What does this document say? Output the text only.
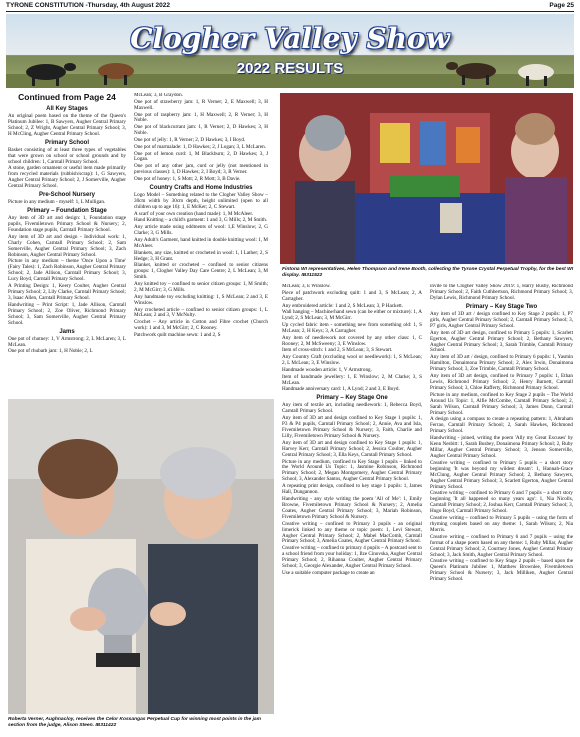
TYRONE CONSTITUTION -Thursday, 4th August 2022	Page 25
Clogher Valley Show
2022 RESULTS
Continued from Page 24
All Key Stages

An original poem based on the theme of the Queen's Platinum Jubilee: 1, B Sawyers, Augher Central Primary School; 2, Z Wright, Augher Central Primary School; 3, H McCling, Augher Central Primary School.

Primary School

Basket consisting of at least three types of vegetables that were grown on school or school grounds and by school children: 1, Carntall Primary School.

A stone, garden ornament or useful item made primarily from recycled materials (rubbish/scrap): 1, G Sawyers, Augher Central Primary School; 2, J Somerville, Augher Central Primary School.

Pre-School Nursery

Picture in any medium - myself: 1, L Mulligan.

Primary – Foundation Stage

Any item of 3D art and design: 1, Foundation stage pupils, Fivemiletown Primary School & Nursery; 2, Foundation stage pupils, Carntall Primary School.

Any item of 3D art and design - Individual work: 1, Charly Cohen, Carntall Primary School; 2, Sam Somerville, Augher Central Primary School; 3, Zach Robinson, Augher Central Primary School.

Picture in any medium – theme 'Once Upon a Time' (Fairy Tales): 1, Zach Robinson, Augher Central Primary School; 2, Jade Allison, Carntall Primary School; 3, Lucy Boyd, Carntall Primary School.

A Printing Design: 1, Keery Coulter, Augher Central Primary School; 2, Lily Clarke, Carntall Primary School; 3, Isaac Allen, Carntall Primary School.

Handwriting – Print Script: 1, Jade Allison, Carntall Primary School; 2, Zoe Oliver, Richmond Primary School; 3, Sam Somerville, Augher Central Primary School.

Jams

One pot of chutney: 1, V Armstrong; 2, L McLaren; 3, L McLean.

One pot of rhubarb jam: 1, H Noble; 2, L

McLean; 3, B Graydon.

One pot of strawberry jam: 1, R Verner; 2, E Maxwell; 3, H Maxwell.

One pot of raspberry jam: 1, H Maxwell; 2, R Verner; 3, H Noble.

One pot of blackcurrant jam: 1, R Verner; 2, D Hawkes; 3, H Noble.

One pot of jelly: 1, R Verner; 2, D Hawkes; 3, I Boyd.

One pot of marmalade: 1, D Hawkes; 2, J Logan; 3, L McLaren.

One pot of lemon curd: 1, M Blackburn; 2, D Hawkes; 3, J Logan.

One pot of any other jam, curd or jelly (not mentioned in previous classes): 1, D Hawkes; 2, I Boyd; 3, R Verner.

One pot of honey: 1, S Mott; 2, R Mott; 3, B Davie.

Country Crafts and Home Industries

Logo Model – Something related to the Clogher Valley Show – 30cm width by 30cm depth, height unlimited (open to all children up to age 16): 1, E McKer; 2, C Stewart.

A scarf of your own creation (hand made): 1, M McAleer.

Hand Knitting – a child's garment: 1 and 3, G Mills; 2, M Smith.

Any article made using oddments of wool: 1,E Winslow; 2, G Clarke; 3, G Mills.

Any Adult's Garment, hand knitted in double knitting wool: 1, M McAleer.

Blankets, any size, knitted or crocheted in wool: 1, I Lather; 2, S Hedge; 3, H Grant.

Blanket, knitted or crocheted – confined to senior citizens groups: 1, Clogher Valley Day Care Centre; 2, L McLean; 3, M Smith.

Any knitted toy – confined to senior citizen groups: 1, M Smith; 2, M McGirr; 3, G Mills.

Any handmade toy excluding knitting: 1, S McLean; 2 and 3, E Winslow.

Any crocheted article – confined to senior citizen groups: 1, L McLean; 2 and 3, V McNulty.

Crochet – Any article in Cotton and Fibre crochet (Church work): 1 and 3, M McGirr; 2, C Rooney.

Patchwork quilt machine sewn: 1 and 2, S

Fintona WI representatives, Helen Thompson and Irene Booth, collecting the Tyrone Crystal Perpetual Trophy, for the best WI display. IB311522

McLean; 3, E Winslow.

Piece of patchwork excluding quilt: 1 and 3, S McLean; 2, A Carragher.

Any embroidered article: 1 and 2, S McLean; 3, P Hackett.

Wall hanging – Machine/hand sewn (can be either or mixture): 1, A Lynd; 2, S McLean; 3, M McGirr.

Up cycled fabric item - something new from something old: 1, S McLean; 2, H Keys; 3, A Carragher.

Any item of needlework not covered by any other class: 1, C Rooney; 2, M McSweeny; 3, E Winslow.

Item of cross-stitch: 1 and 2, S McLean; 3, S Stewart.

Any Country Craft (excluding wool or needlework): 1, S McLean; 2, L McLean; 3, E Winslow.

Handmade wooden article: 1, V Armstrong.

Item of handmade jewellery: 1, E Winslow; 2, M Clarke; 3, S McLean.

Handmade anniversary card: 1, A Lynd; 2 and 3, E Boyd.

Primary – Key Stage One

Any item of textile art, including needlework: 1, Rebecca Boyd, Carntall Primary School.

Any item of 3D art and design confined to Key Stage 1 pupils: 1, P3 & P4 pupils, Carntall Primary School; 2, Annie, Ava and Isla, Fivemiletown Primary School & Nursery; 3, Faith, Charlie and Lilly, Fivemiletown Primary School & Nursery.

Any item of 3D art and design confined to Key Stage 1 pupils: 1, Harvey Kerr, Carntall Primary School; 2, Jessica Coulter, Augher Central Primary School; 3, Ella Keys, Carntall Primary School.

Picture in any medium, confined to Key Stage 1 pupils – linked to the World Around Us Topic: 1, Jasmine Robinson, Richmond Primary School; 2, Megan Montgomery, Augher Central Primary School; 3, Alexander Santos, Augher Central Primary School.

A repeating print design, confined to key stage 1 pupils: 1, James Hall, Dungannon.

Handwriting - any style writing the poem 'All of Me': 1, Emily Browne, Fivemiletown Primary School & Nursery; 2, Amelia Coates, Augher Central Primary School; 3, Mariah Robinson, Fivemiletown Primary School & Nursery.

Creative writing – confined to Primary 3 pupils - an original limerick linked to any theme or topic poem: 1, Levi Stewart, Augher Central Primary School; 2, Mabel MacComb, Carntall Primary School; 3, Amelia Coates, Augher Central Primary School.

Creative writing – confined to primary 4 pupils – A postcard sent to a school friend from your holiday: 1, Ilze Cinovska, Augher Central Primary School; 2, Rihanna Coulter, Augher Central Primary School; 3, Georgie Alexander, Augher Central Primary School.

Use a suitable computer package to create an

invite to the Clogher Valley Show 2019: 1, Harry Busby, Richmond Primary School; 2, Faith Cuthbertson, Richmond Primary School; 3, Dylan Lewis, Richmond Primary School.

Primary – Key Stage Two

Any item of 3D art / design confined to Key Stage 2 pupils: 1, P7 girls, Augher Central Primary School; 2, Carntall Primary School; 3, P7 girls, Augher Central Primary School.

Any item of 3D art design, confined to Primary 5 pupils: 1, Scarlett Egerton, Augher Central Primary School; 2, Bethany Sawyers, Augher Central Primary School; 3, Sarah Trimble, Carntall Primary School.

Any item of 3D art / design, confined to Primary 6 pupils: 1, Yasmin Hamilton, Donaimona Primary School; 2, Alex Irwin, Donaimona Primary School; 3, Zoe Trimble, Carntall Primary School.

Any item of 3D art design, confined to Primary 7 pupils: 1, Ethan Lewis, Richmond Primary School; 2, Henry Barnett, Carntall Primary School; 3, Chloe Rafferty, Richmond Primary School.

Picture in any medium, confined to Key Stage 2 pupils – The World Around Us Topic: 1, Alfie McCombe, Carntall Primary School; 2, Sarah Wilson, Carntall Primary School; 3, James Dunn, Carntall Primary School.

A design using a compass to create a repeating pattern: 1, Abraham Ferrao, Carntall Primary School; 2, Sarah Hawkes, Richmond Primary School.

Handwriting - joined, writing the poem 'Ally my Great Excuses' by Kenn Nesbitt: 1, Sarah Busbey, Donaimona Primary School; 2, Ruby Millar, Augher Central Primary School; 3, Jenson Somerville, Augher Central Primary School.

Creative writing – confined to Primary 5 pupils – a short story beginning 'It was beyond my wildest dream': 1, Hannah-Grace McClung, Augher Central Primary School; 2, Bethany Sawyers, Augher Central Primary School; 3, Scarlett Egerton, Augher Central Primary School.

Creative writing – confined to Primary 6 and 7 pupils – a short story beginning 'It all happened so many years ago': 1, Nia Nicolls, Carntall Primary School; 2, Joshua Kerr, Carntall Primary School; 3, Hugo Boyd, Carntall Primary School.

Creative writing – confined to Primary 5 pupils – using the form of rhyming couplets based on any theme: 1, Sarah Wilson; 2, Nia Morris.

Creative writing – confined to Primary 6 and 7 pupils – using the format of a shape poem based on any theme: 1, Ruby Millar, Augher Central Primary School; 2, Courtney Jones, Augher Central Primary School; 3, Jack Smith, Augher Central Primary School.

Creative writing – confined to Key Stage 2 pupils – based upon the Queen's Platinum Jubilee: 1, Matthew Brownlee, Fivemiletown Primary School & Nursery; 3, Jack Milliken, Augher Central Primary School.

Roberta Verner, Aughnacloy, receives the Celor Kossangas Perpetual Cup for winning most points in the jam section from the judge, Alison Steen. IB311422
